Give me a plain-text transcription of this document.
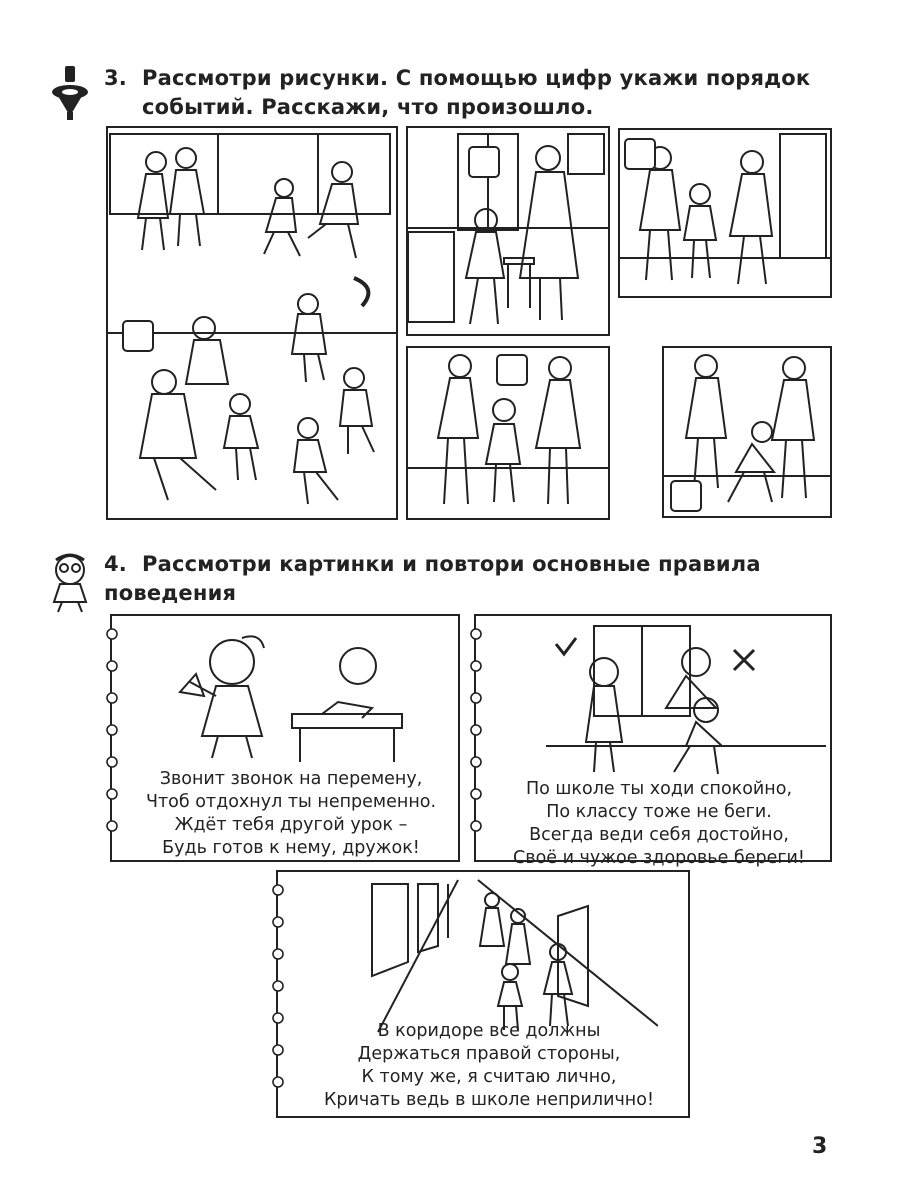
3. Рассмотри рисунки. С помощью цифр укажи порядок
событий. Расскажи, что произошло.
4. Рассмотри картинки и повтори основные правила поведения
Звонит звонок на перемену,
Чтоб отдохнул ты непременно.
Ждёт тебя другой урок –
Будь готов к нему, дружок!
По школе ты ходи спокойно,
По классу тоже не беги.
Всегда веди себя достойно,
Своё и чужое здоровье береги!
В коридоре все должны
Держаться правой стороны,
К тому же, я считаю лично,
Кричать ведь в школе неприлично!
3
